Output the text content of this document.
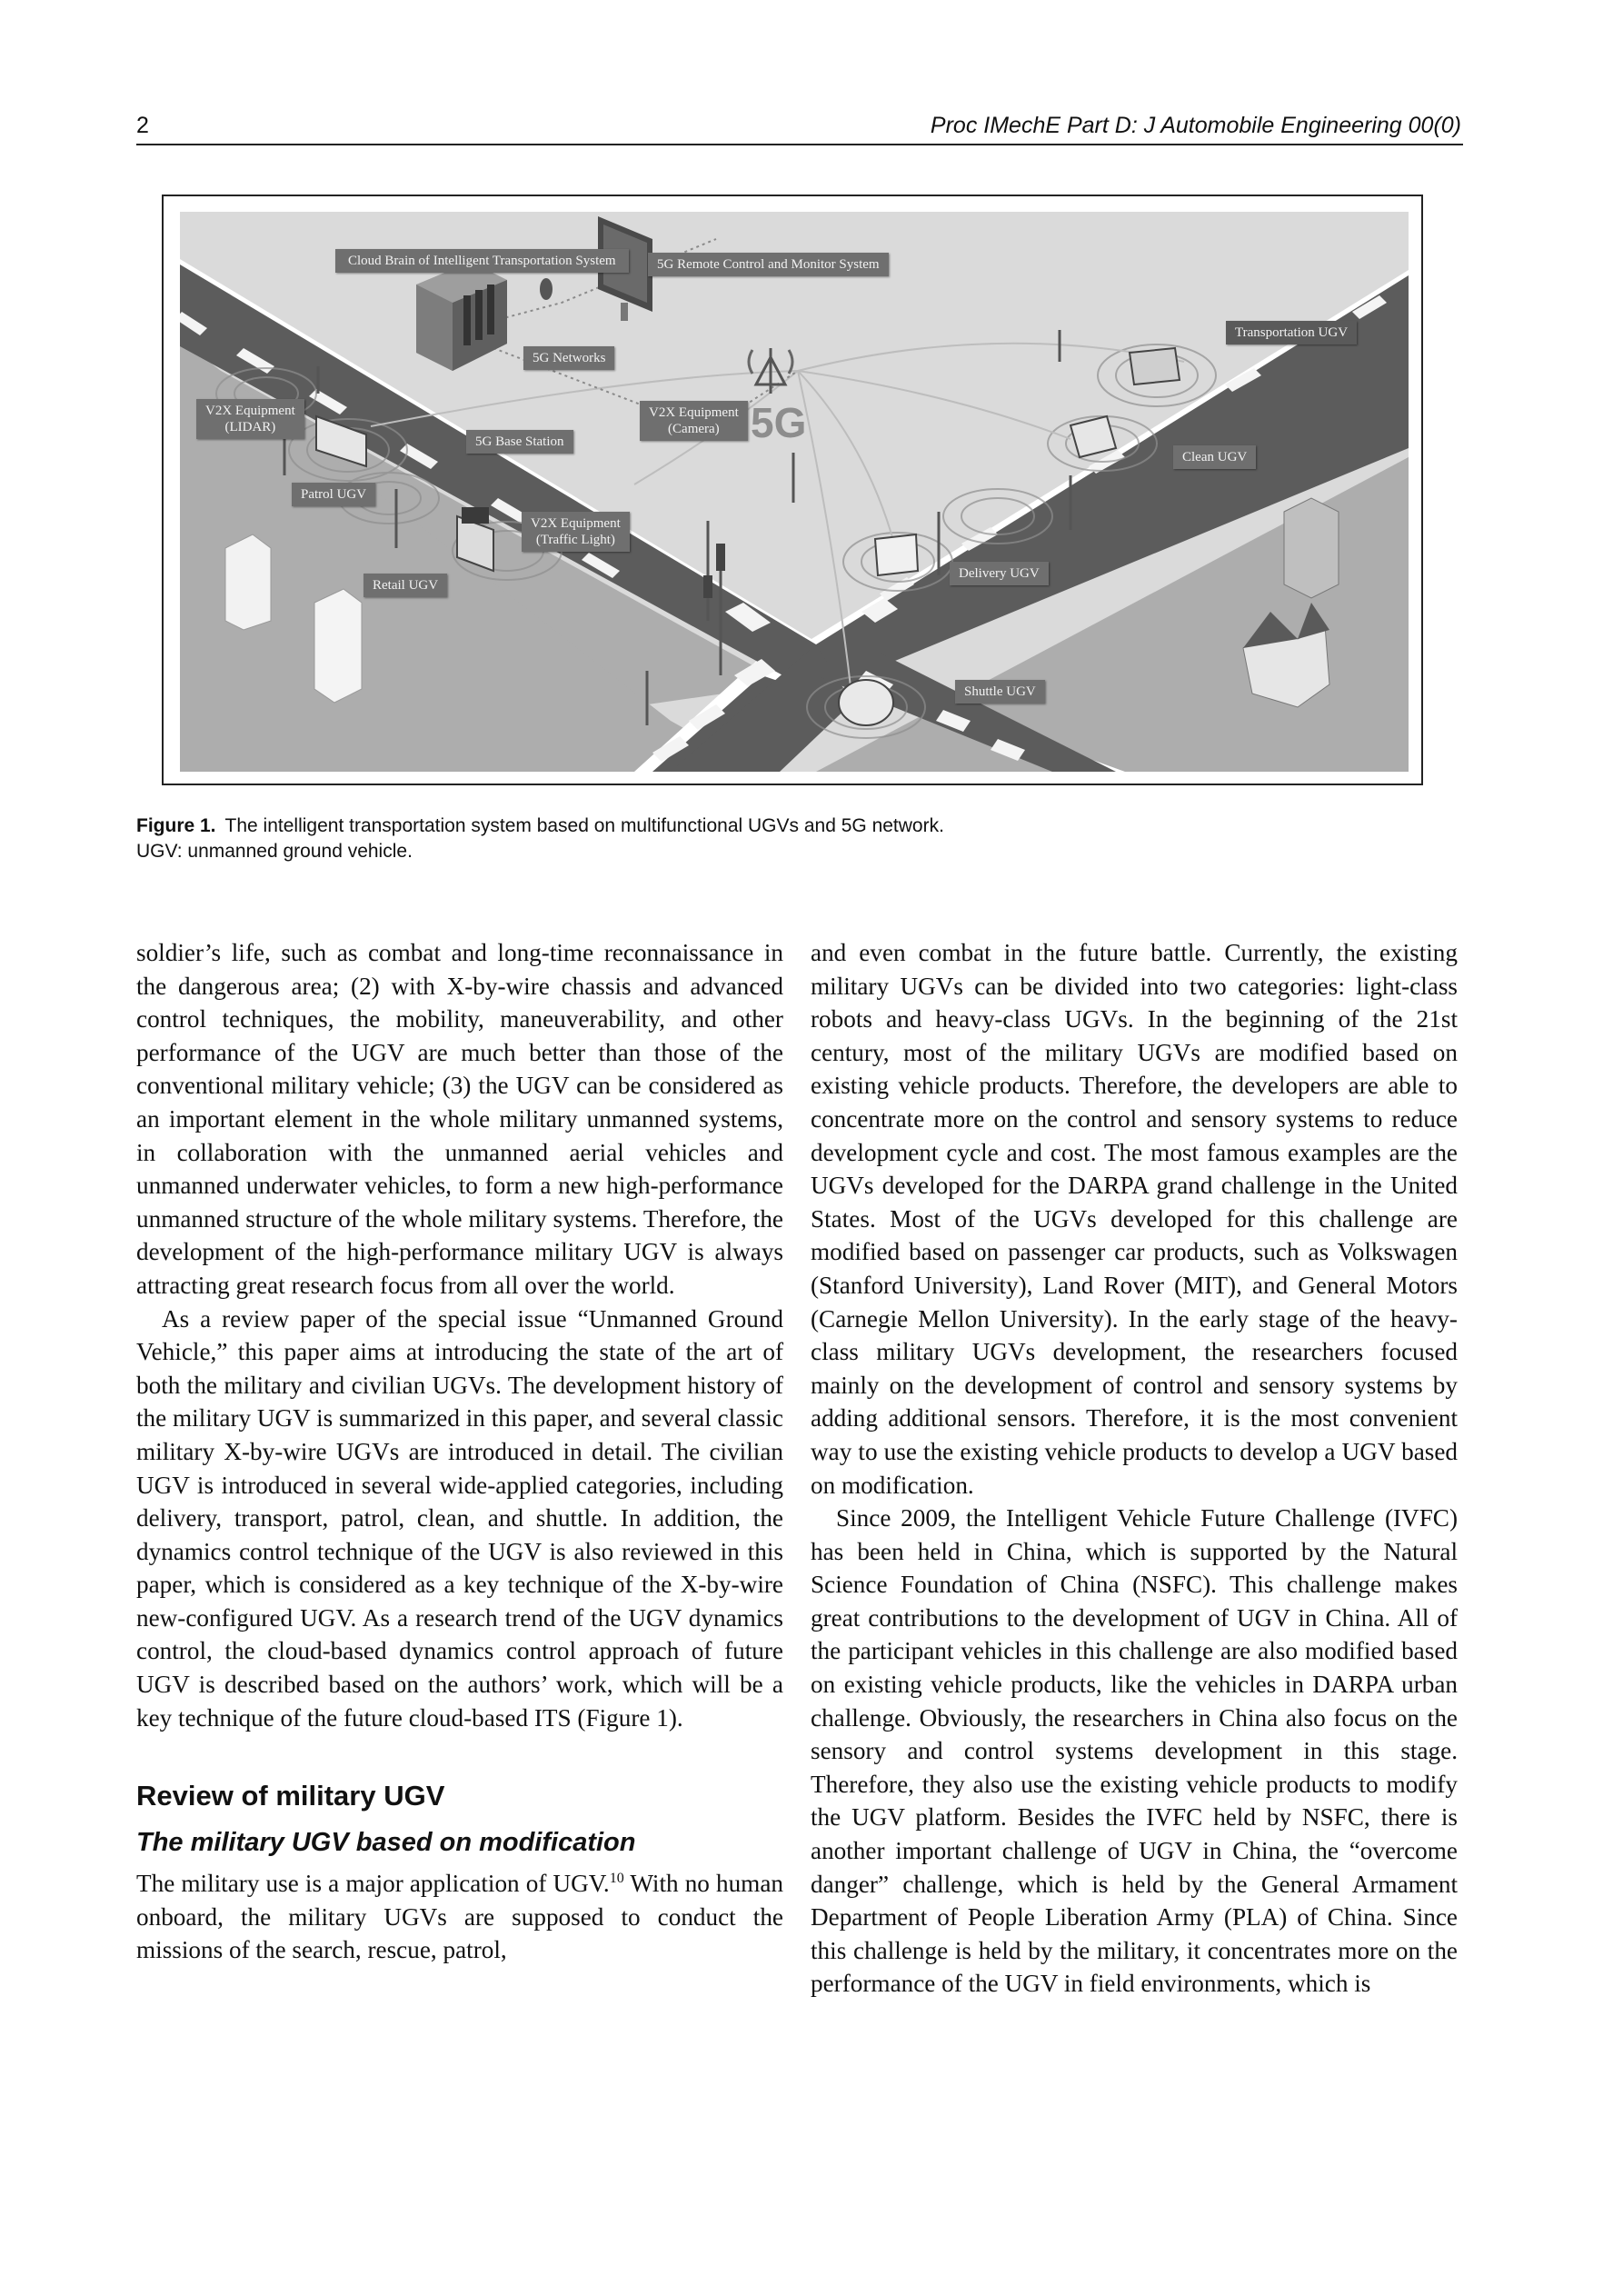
2	Proc IMechE Part D: J Automobile Engineering 00(0)
5G
Cloud Brain of Intelligent Transportation System	5G Remote Control and Monitor System
5G Networks
5G Base Station
V2X Equipment
(LIDAR)
Patrol UGV
Retail UGV
V2X Equipment
(Traffic Light)
V2X Equipment
(Camera)
Transportation UGV
Clean UGV
Delivery UGV
Shuttle UGV
Figure 1. The intelligent transportation system based on multifunctional UGVs and 5G network.
UGV: unmanned ground vehicle.

soldier’s life, such as combat and long-time reconnaissance in the dangerous area; (2) with X-by-wire chassis and advanced control techniques, the mobility, maneuverability, and other performance of the UGV are much better than those of the conventional military vehicle; (3) the UGV can be considered as an important element in the whole military unmanned systems, in collaboration with the unmanned aerial vehicles and unmanned underwater vehicles, to form a new high-performance unmanned structure of the whole military systems. Therefore, the development of the high-performance military UGV is always attracting great research focus from all over the world.

As a review paper of the special issue “Unmanned Ground Vehicle,” this paper aims at introducing the state of the art of both the military and civilian UGVs. The development history of the military UGV is summarized in this paper, and several classic military X-by-wire UGVs are introduced in detail. The civilian UGV is introduced in several wide-applied categories, including delivery, transport, patrol, clean, and shuttle. In addition, the dynamics control technique of the UGV is also reviewed in this paper, which is considered as a key technique of the X-by-wire new-configured UGV. As a research trend of the UGV dynamics control, the cloud-based dynamics control approach of future UGV is described based on the authors’ work, which will be a key technique of the future cloud-based ITS (Figure 1).

Review of military UGV
The military UGV based on modification

The military use is a major application of UGV.$^{10}$ With no human onboard, the military UGVs are supposed to conduct the missions of the search, rescue, patrol,

and even combat in the future battle. Currently, the existing military UGVs can be divided into two categories: light-class robots and heavy-class UGVs. In the beginning of the 21st century, most of the military UGVs are modified based on existing vehicle products. Therefore, the developers are able to concentrate more on the control and sensory systems to reduce development cycle and cost. The most famous examples are the UGVs developed for the DARPA grand challenge in the United States. Most of the UGVs developed for this challenge are modified based on passenger car products, such as Volkswagen (Stanford University), Land Rover (MIT), and General Motors (Carnegie Mellon University). In the early stage of the heavy-class military UGVs development, the researchers focused mainly on the development of control and sensory systems by adding additional sensors. Therefore, it is the most convenient way to use the existing vehicle products to develop a UGV based on modification.

Since 2009, the Intelligent Vehicle Future Challenge (IVFC) has been held in China, which is supported by the Natural Science Foundation of China (NSFC). This challenge makes great contributions to the development of UGV in China. All of the participant vehicles in this challenge are also modified based on existing vehicle products, like the vehicles in DARPA urban challenge. Obviously, the researchers in China also focus on the sensory and control systems development in this stage. Therefore, they also use the existing vehicle products to modify the UGV platform. Besides the IVFC held by NSFC, there is another important challenge of UGV in China, the “overcome danger” challenge, which is held by the General Armament Department of People Liberation Army (PLA) of China. Since this challenge is held by the military, it concentrates more on the performance of the UGV in field environments, which is
